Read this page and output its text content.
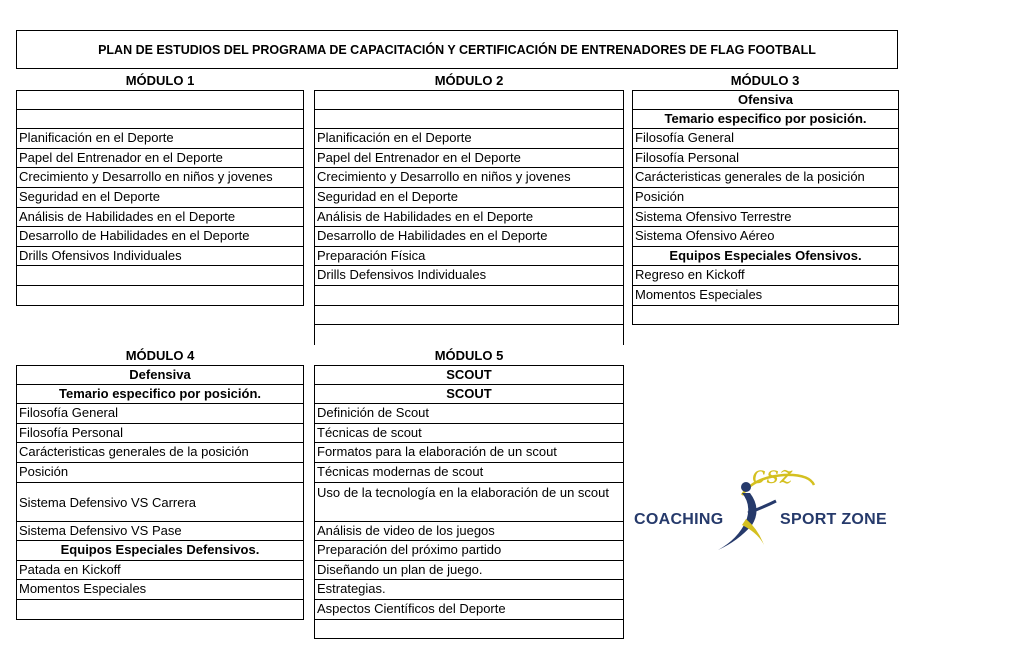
PLAN DE ESTUDIOS DEL PROGRAMA DE CAPACITACIÓN Y CERTIFICACIÓN DE ENTRENADORES DE FLAG FOOTBALL
MÓDULO 1
Planificación en el Deporte
Papel del Entrenador en el Deporte
Crecimiento y Desarrollo en niños y jovenes
Seguridad en el Deporte
Análisis de Habilidades en el Deporte
Desarrollo de Habilidades en el Deporte
Drills Ofensivos Individuales
MÓDULO 2
Planificación en el Deporte
Papel del Entrenador en el Deporte
Crecimiento y Desarrollo en niños y jovenes
Seguridad en el Deporte
Análisis de Habilidades en el Deporte
Desarrollo de Habilidades en el Deporte
Preparación Física
Drills Defensivos Individuales
MÓDULO 3
Ofensiva
Temario especifico por posición.
Filosofía General
Filosofía Personal
Carácteristicas generales de la posición
Posición
Sistema Ofensivo Terrestre
Sistema Ofensivo Aéreo
Equipos Especiales Ofensivos.
Regreso en Kickoff
Momentos Especiales
MÓDULO 4
Defensiva
Temario especifico por posición.
Filosofía General
Filosofía Personal
Carácteristicas generales de la posición
Posición
Sistema Defensivo VS Carrera
Sistema Defensivo VS Pase
Equipos Especiales Defensivos.
Patada en Kickoff
Momentos Especiales
MÓDULO 5
SCOUT
SCOUT
Definición de Scout
Técnicas de scout
Formatos para la elaboración de un scout
Técnicas modernas de scout
Uso de la tecnología en la elaboración de un scout
Análisis de video de los juegos
Preparación del próximo partido
Diseñando un plan de juego.
Estrategias.
Aspectos Científicos del Deporte
COACHING	SPORT ZONE
csz
